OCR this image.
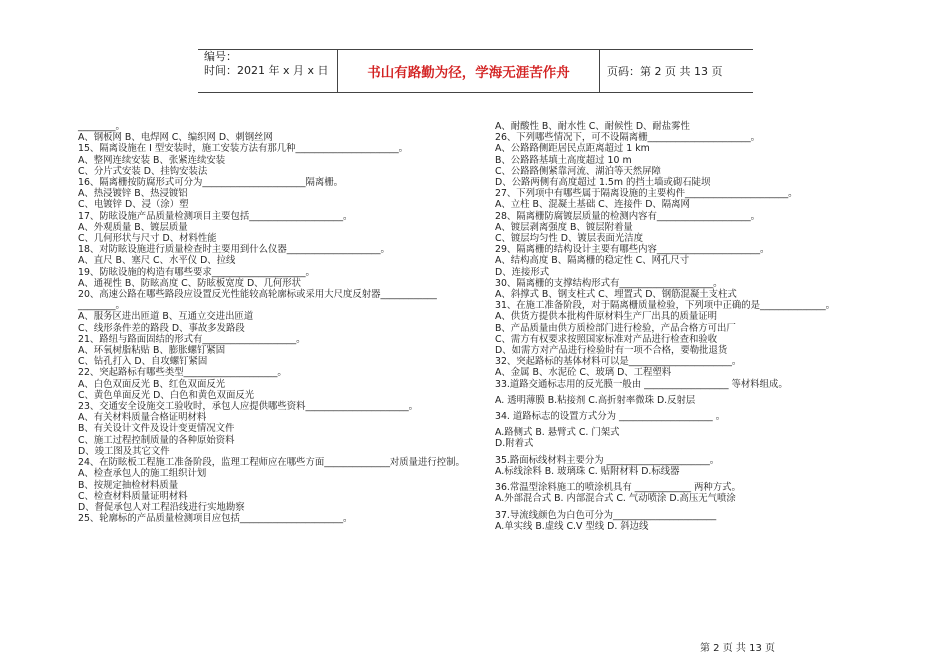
编号：
时间：2021 年 x 月 x 日	书山有路勤为径，学海无涯苦作舟	页码：第 2 页 共 13 页
________。
A、钢板网 B、电焊网 C、编织网 D、刺钢丝网
15、隔离设施在 I 型安装时，施工安装方法有那几种______________________。
A、整网连续安装 B、张紧连续安装
C、分片式安装 D、挂钩安装法
16、隔离栅按防腐形式可分为______________________隔离栅。
A、热浸镀锌 B、热浸镀铝
C、电镀锌 D、浸（涂）塑
17、防眩设施产品质量检测项目主要包括____________________。
A、外观质量 B、镀层质量
C、几何形状与尺寸 D、材料性能
18、对防眩设施进行质量检查时主要用到什么仪器____________________。
A、直尺 B、塞尺 C、水平仪 D、拉线
19、防眩设施的构造有哪些要求____________________。
A、通视性 B、防眩高度 C、防眩板宽度 D、几何形状
20、高速公路在哪些路段应设置反光性能较高轮廓标或采用大尺度反射器____________
________。
A、服务区进出匝道 B、互通立交进出匝道
C、线形条件差的路段 D、事故多发路段
21、路纽与路面固结的形式有____________________。
A、环氧树脂粘贴 B、膨胀螺钉紧固
C、钻孔打入 D、自攻螺钉紧固
22、突起路标有哪些类型____________________。
A、白色双面反光 B、红色双面反光
C、黄色单面反光 D、白色和黄色双面反光
23、交通安全设施交工验收时，承包人应提供哪些资料______________________。
A、有关材料质量合格证明材料
B、有关设计文件及设计变更情况文件
C、施工过程控制质量的各种原始资料
D、竣工图及其它文件
24、在防眩板工程施工准备阶段，监理工程师应在哪些方面______________对质量进行控制。
A、检查承包人的施工组织计划
B、按规定抽检材料质量
C、检查材料质量证明材料
D、督促承包人对工程沿线进行实地勘察
25、轮廓标的产品质量检测项目应包括______________________。
A、耐酸性 B、耐水性 C、耐候性 D、耐盐雾性
26、下列哪些情况下，可不设隔离栅______________________。
A、公路路侧距居民点距离超过 1 km
B、公路路基填土高度超过 10 m
C、公路路侧紧靠河流、湖泊等天然屏障
D、公路两侧有高度超过 1.5m 的挡土墙或砌石陡坝
27、下列项中有哪些属于隔离设施的主要构件______________________。
A、立柱 B、混凝土基础 C、连接件 D、隔离网
28、隔离栅防腐镀层质量的检测内容有____________________。
A、镀层剥离强度 B、镀层附着量
C、镀层均匀性 D、镀层表面光洁度
29、隔离栅的结构设计主要有哪些内容______________________。
A、结构高度 B、隔离栅的稳定性 C、网孔尺寸
D、连接形式
30、隔离栅的支撑结构形式有____________________。
A、斜撑式 B、钢支柱式 C、埋置式 D、钢筋混凝土支柱式
31、在施工准备阶段，对于隔离栅质量检验，下列项中正确的是______________。
A、供货方提供本批构件原材料生产厂出具的质量证明
B、产品质量由供方质检部门进行检验，产品合格方可出厂
C、需方有权要求按照国家标准对产品进行检查和验收
D、如需方对产品进行检验时有一项不合格，要勒批退货
32、突起路标的基体材料可以是______________________。
A、金属 B、水泥砼 C、玻璃 D、工程塑料
33.道路交通标志用的反光膜一般由 __________________ 等材料组成。
A. 透明薄膜 B.粘接剂 C.高折射率微珠 D.反射层
34. 道路标志的设置方式分为 ____________________ 。
A.路侧式 B. 悬臂式 C. 门架式
D.附着式
35.路面标线材料主要分为 ______________________。
A.标线涂料 B. 玻璃珠 C. 贴附材料 D.标线器
36.常温型涂料施工的喷涂机具有 ____________ 两种方式。
A.外部混合式 B. 内部混合式 C. 气动喷涂 D.高压无气喷涂
37.导流线颜色为白色可分为______________________
A.单实线 B.虚线 C.V 型线 D. 斜边线
第 2 页 共 13 页
